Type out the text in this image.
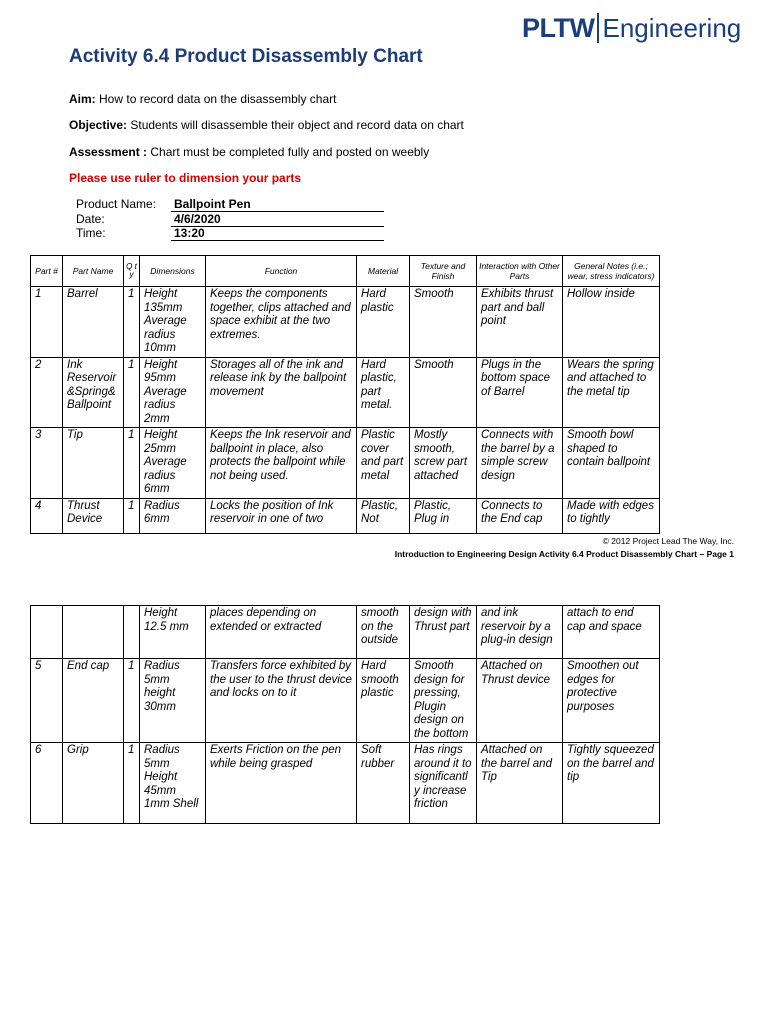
PLTW Engineering
Activity 6.4 Product Disassembly Chart
Aim: How to record data on the disassembly chart
Objective: Students will disassemble their object and record data on chart
Assessment : Chart must be completed fully and posted on weebly
Please use ruler to dimension your parts
Product Name: Ballpoint Pen
Date:	4/6/2020
Time:	13:20
Part #	Part Name	Q t y	Dimensions	Function	Material	Texture and Finish	Interaction with Other Parts	General Notes (i.e.; wear, stress indicators)
1	Barrel	1	Height 135mm Average radius 10mm	Keeps the components together, clips attached and space exhibit at the two extremes.	Hard plastic	Smooth	Exhibits thrust part and ball point	Hollow inside
2	Ink Reservoir &Spring& Ballpoint	1	Height 95mm Average radius 2mm	Storages all of the ink and release ink by the ballpoint movement	Hard plastic, part metal.	Smooth	Plugs in the bottom space of Barrel	Wears the spring and attached to the metal tip
3	Tip	1	Height 25mm Average radius 6mm	Keeps the Ink reservoir and ballpoint in place, also protects the ballpoint while not being used.	Plastic cover and part metal	Mostly smooth, screw part attached	Connects with the barrel by a simple screw design	Smooth bowl shaped to contain ballpoint
4	Thrust Device	1	Radius 6mm	Locks the position of Ink reservoir in one of two	Plastic, Not	Plastic, Plug in	Connects to the End cap	Made with edges to tightly
© 2012 Project Lead The Way, Inc.
Introduction to Engineering Design Activity 6.4 Product Disassembly Chart – Page 1
			Height 12.5 mm	places depending on extended or extracted	smooth on the outside	design with Thrust part	and ink reservoir by a plug-in design	attach to end cap and space
5	End cap	1	Radius 5mm height 30mm	Transfers force exhibited by the user to the thrust device and locks on to it	Hard smooth plastic	Smooth design for pressing, Plugin design on the bottom	Attached on Thrust device	Smoothen out edges for protective purposes
6	Grip	1	Radius 5mm Height 45mm 1mm Shell	Exerts Friction on the pen while being grasped	Soft rubber	Has rings around it to significantl y increase friction	Attached on the barrel and Tip	Tightly squeezed on the barrel and tip
